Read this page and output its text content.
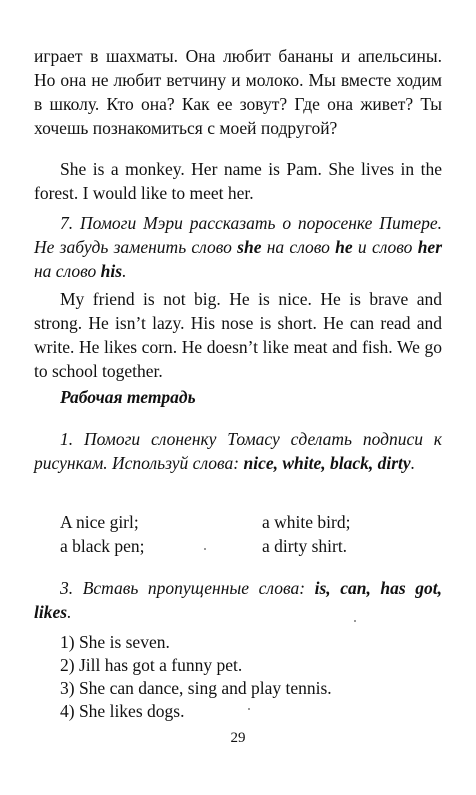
играет в шахматы. Она любит бананы и апельсины. Но она не любит ветчину и молоко. Мы вместе ходим в школу. Кто она? Как ее зовут? Где она живет? Ты хочешь познакомиться с моей подругой?
She is a monkey. Her name is Pam. She lives in the forest. I would like to meet her.
7. Помоги Мэри рассказать о поросенке Питере. Не забудь заменить слово she на слово he и слово her на слово his.
My friend is not big. He is nice. He is brave and strong. He isn’t lazy. His nose is short. He can read and write. He likes corn. He doesn’t like meat and fish. We go to school together.
Рабочая тетрадь
1. Помоги слоненку Томасу сделать подписи к рисункам. Используй слова: nice, white, black, dirty.
A nice girl;
a black pen;
a white bird;
a dirty shirt.
3. Вставь пропущенные слова: is, can, has got, likes.
1) She is seven.
2) Jill has got a funny pet.
3) She can dance, sing and play tennis.
4) She likes dogs.
29
